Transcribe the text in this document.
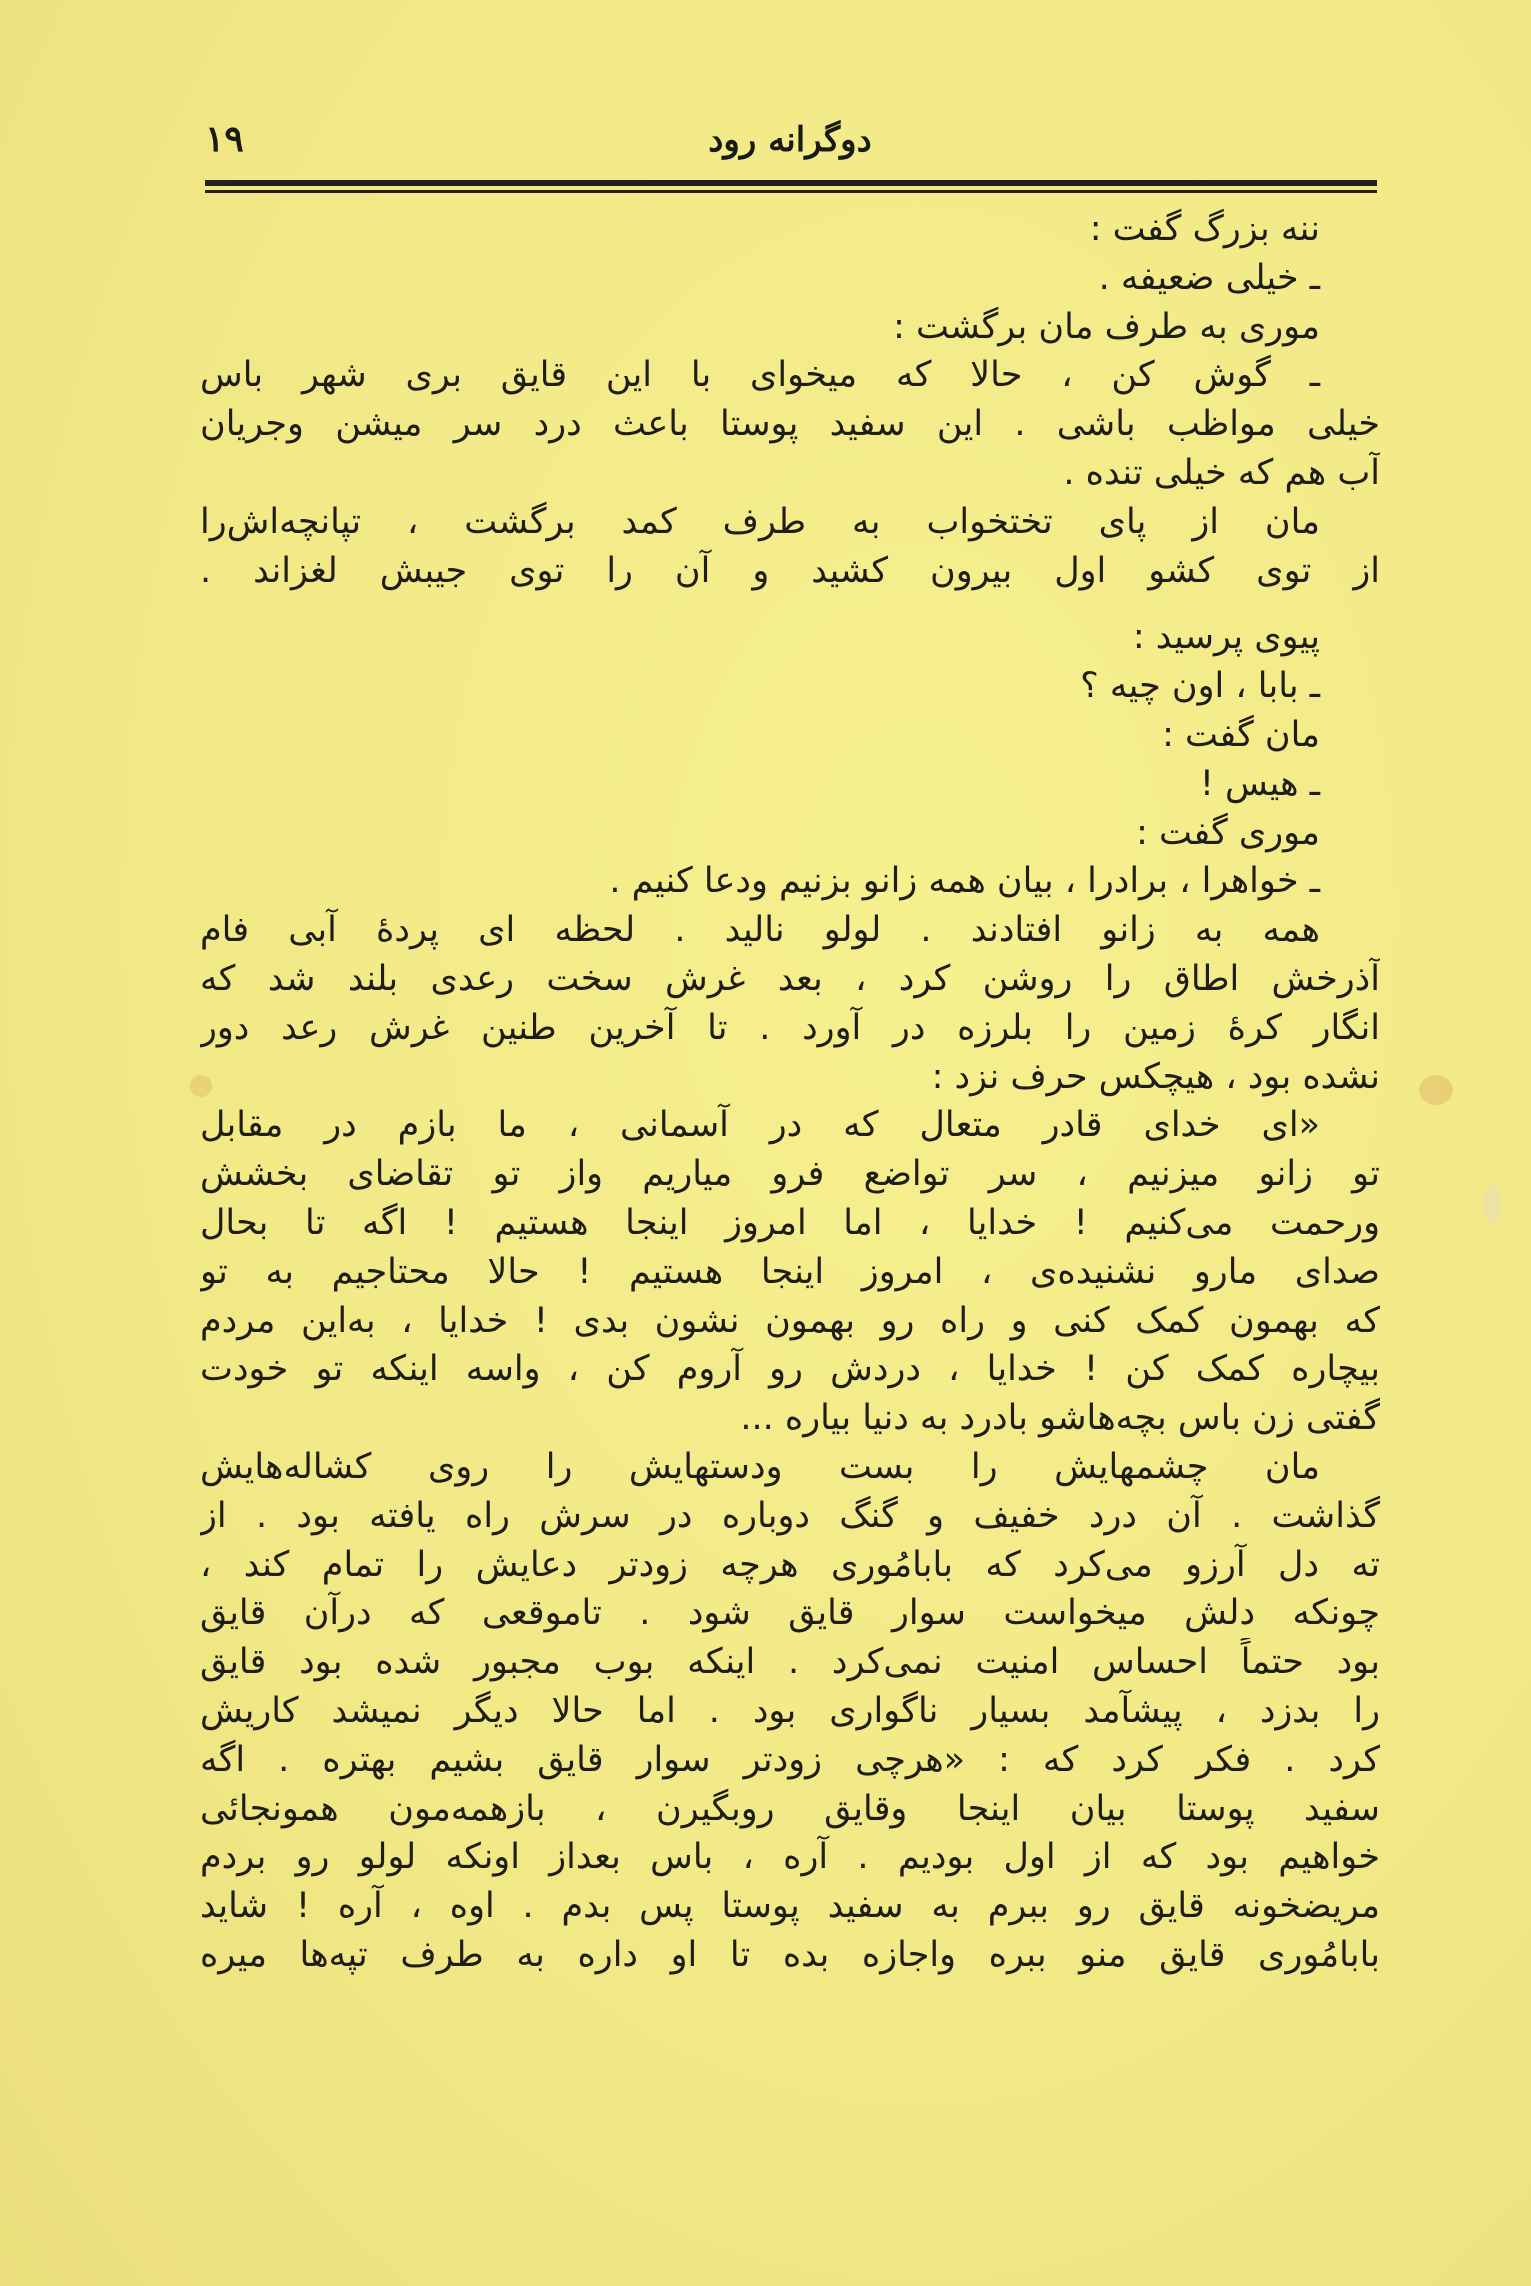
۱۹	دوگرانه رود
ننه بزرگ گفت :
ـ خیلی ضعیفه .
موری به طرف مان برگشت :
ـ گوش کن ، حالا که میخوای با این قایق بری شهر باس
خیلی مواظب باشی . این سفید پوستا باعث درد سر میشن وجریان
آب هم که خیلی تنده .
مان از پای تختخواب به طرف کمد برگشت ، تپانچه‌اش‌را
از توی کشو اول بیرون کشید و آن را توی جیبش لغزاند .
پیوی پرسید :
ـ بابا ، اون چیه ؟
مان گفت :
ـ هیس !
موری گفت :
ـ خواهرا ، برادرا ، بیان همه زانو بزنیم ودعا کنیم .
همه به زانو افتادند . لولو نالید . لحظه ای پردهٔ آبی فام
آذرخش اطاق را روشن کرد ، بعد غرش سخت رعدی بلند شد که
انگار کرهٔ زمین را بلرزه در آورد . تا آخرین طنین غرش رعد دور
نشده بود ، هیچکس حرف نزد :
«ای خدای قادر متعال که در آسمانی ، ما بازم در مقابل
تو زانو میزنیم ، سر تواضع فرو میاریم واز تو تقاضای بخشش
ورحمت می‌کنیم ! خدایا ، اما امروز اینجا هستیم ! اگه تا بحال
صدای مارو نشنیده‌ی ، امروز اینجا هستیم ! حالا محتاجیم به تو
که بهمون کمک کنی و راه رو بهمون نشون بدی ! خدایا ، به‌این مردم
بیچاره کمک کن ! خدایا ، دردش رو آروم کن ، واسه اینکه تو خودت
گفتی زن باس بچه‌هاشو بادرد به دنیا بیاره ...
مان چشمهایش را بست ودستهایش را روی کشاله‌هایش
گذاشت . آن درد خفیف و گنگ دوباره در سرش راه یافته بود . از
ته دل آرزو می‌کرد که بابامُوری هرچه زودتر دعایش را تمام کند ،
چونکه دلش میخواست سوار قایق شود . تاموقعی که درآن قایق
بود حتماً احساس امنیت نمی‌کرد . اینکه بوب مجبور شده بود قایق
را بدزد ، پیشآمد بسیار ناگواری بود . اما حالا دیگر نمیشد کاریش
کرد . فکر کرد که : «هرچی زودتر سوار قایق بشیم بهتره . اگه
سفید پوستا بیان اینجا وقایق روبگیرن ، بازهمه‌مون همونجائی
خواهیم بود که از اول بودیم . آره ، باس بعداز اونکه لولو رو بردم
مریضخونه قایق رو ببرم به سفید پوستا پس بدم . اوه ، آره ! شاید
بابامُوری قایق منو ببره واجازه بده تا او داره به طرف تپه‌ها میره
